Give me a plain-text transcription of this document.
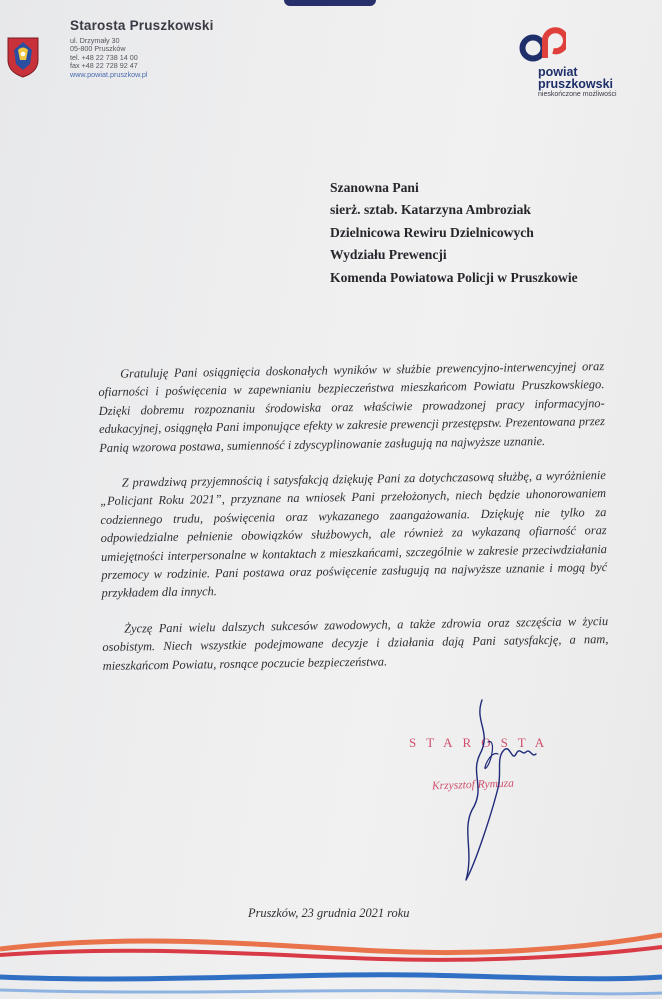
Starosta Pruszkowski
ul. Drzymały 30
05-800 Pruszków
tel. +48 22 738 14 00
fax +48 22 728 92 47
www.powiat.pruszkow.pl	powiat
pruszkowski
nieskończone możliwości
Szanowna Pani
sierż. sztab. Katarzyna Ambroziak
Dzielnicowa Rewiru Dzielnicowych
Wydziału Prewencji
Komenda Powiatowa Policji w Pruszkowie

Gratuluję Pani osiągnięcia doskonałych wyników w służbie prewencyjno-interwencyjnej oraz ofiarności i poświęcenia w zapewnianiu bezpieczeństwa mieszkańcom Powiatu Pruszkowskiego. Dzięki dobremu rozpoznaniu środowiska oraz właściwie prowadzonej pracy informacyjno-edukacyjnej, osiągnęła Pani imponujące efekty w zakresie prewencji przestępstw. Prezentowana przez Panią wzorowa postawa, sumienność i zdyscyplinowanie zasługują na najwyższe uznanie.

Z prawdziwą przyjemnością i satysfakcją dziękuję Pani za dotychczasową służbę, a wyróżnienie „Policjant Roku 2021”, przyznane na wniosek Pani przełożonych, niech będzie uhonorowaniem codziennego trudu, poświęcenia oraz wykazanego zaangażowania. Dziękuję nie tylko za odpowiedzialne pełnienie obowiązków służbowych, ale również za wykazaną ofiarność oraz umiejętności interpersonalne w kontaktach z mieszkańcami, szczególnie w zakresie przeciwdziałania przemocy w rodzinie. Pani postawa oraz poświęcenie zasługują na najwyższe uznanie i mogą być przykładem dla innych.

Życzę Pani wielu dalszych sukcesów zawodowych, a także zdrowia oraz szczęścia w życiu osobistym. Niech wszystkie podejmowane decyzje i działania dają Pani satysfakcję, a nam, mieszkańcom Powiatu, rosnące poczucie bezpieczeństwa.

STAROSTA
Krzysztof Rymuza
Pruszków, 23 grudnia 2021 roku
